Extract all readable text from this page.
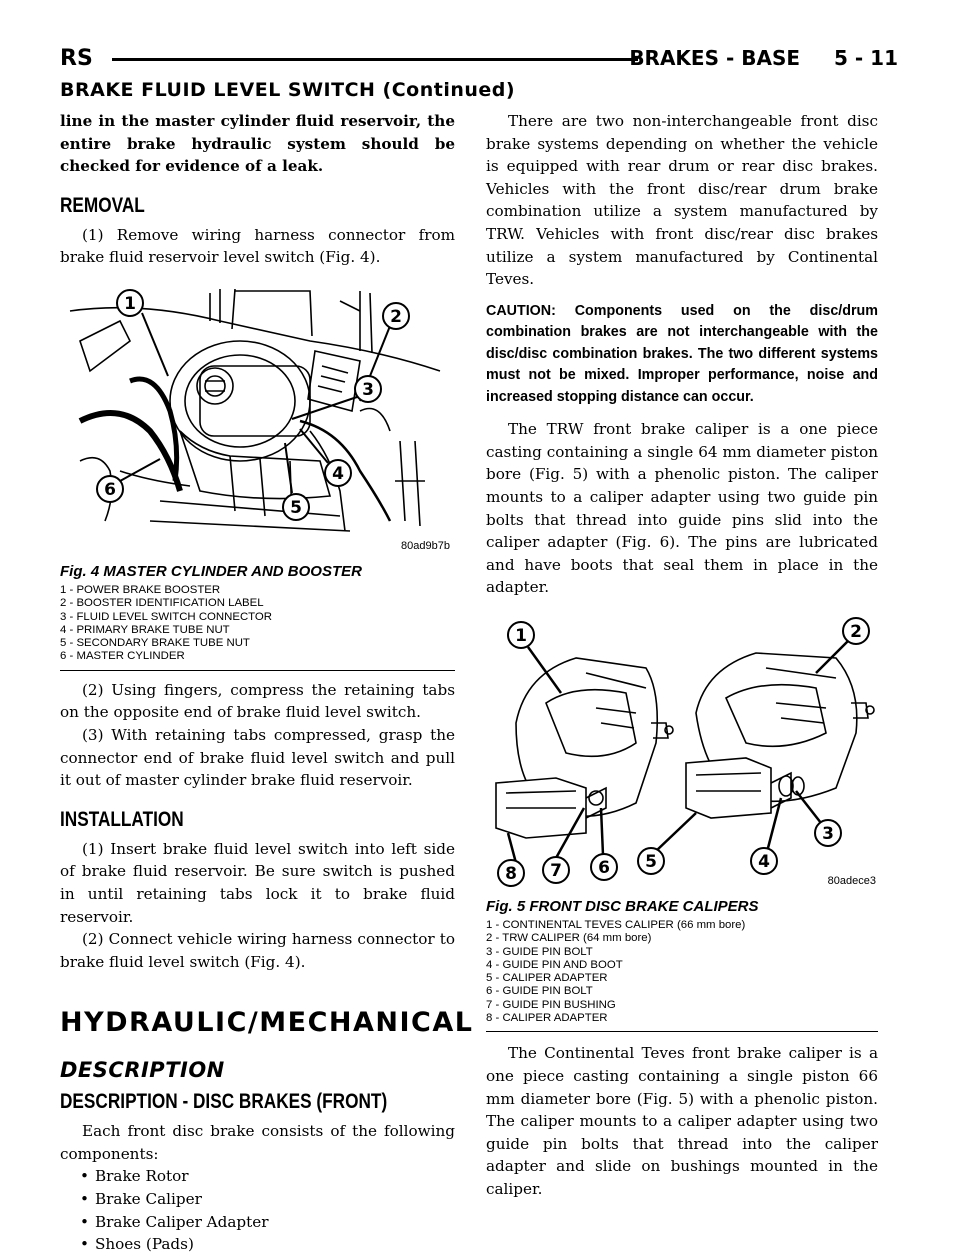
RS	BRAKES - BASE 5 - 11
BRAKE FLUID LEVEL SWITCH (Continued)

line in the master cylinder fluid reservoir, the entire brake hydraulic system should be checked for evidence of a leak.

REMOVAL

(1) Remove wiring harness connector from brake fluid reservoir level switch (Fig. 4).

1
2
3
4
5
6
80ad9b7b
Fig. 4 MASTER CYLINDER AND BOOSTER
1 - POWER BRAKE BOOSTER
2 - BOOSTER IDENTIFICATION LABEL
3 - FLUID LEVEL SWITCH CONNECTOR
4 - PRIMARY BRAKE TUBE NUT
5 - SECONDARY BRAKE TUBE NUT
6 - MASTER CYLINDER

(2) Using fingers, compress the retaining tabs on the opposite end of brake fluid level switch.

(3) With retaining tabs compressed, grasp the connector end of brake fluid level switch and pull it out of master cylinder brake fluid reservoir.

INSTALLATION

(1) Insert brake fluid level switch into left side of brake fluid reservoir. Be sure switch is pushed in until retaining tabs lock it to brake fluid reservoir.

(2) Connect vehicle wiring harness connector to brake fluid level switch (Fig. 4).

HYDRAULIC/MECHANICAL
DESCRIPTION
DESCRIPTION - DISC BRAKES (FRONT)

Each front disc brake consists of the following components:

• Brake Rotor
• Brake Caliper
• Brake Caliper Adapter
• Shoes (Pads)

There are two non-interchangeable front disc brake systems depending on whether the vehicle is equipped with rear drum or rear disc brakes. Vehicles with the front disc/rear drum brake combination utilize a system manufactured by TRW. Vehicles with front disc/rear disc brakes utilize a system manufactured by Continental Teves.

CAUTION: Components used on the disc/drum combination brakes are not interchangeable with the disc/disc combination brakes. The two different systems must not be mixed. Improper performance, noise and increased stopping distance can occur.

The TRW front brake caliper is a one piece casting containing a single 64 mm diameter piston bore (Fig. 5) with a phenolic piston. The caliper mounts to a caliper adapter using two guide pin bolts that thread into guide pins slid into the caliper adapter (Fig. 6). The pins are lubricated and have boots that seal them in place in the adapter.

1	2
3
4
5
6
7
8	80adece3
Fig. 5 FRONT DISC BRAKE CALIPERS
1 - CONTINENTAL TEVES CALIPER (66 mm bore)
2 - TRW CALIPER (64 mm bore)
3 - GUIDE PIN BOLT
4 - GUIDE PIN AND BOOT
5 - CALIPER ADAPTER
6 - GUIDE PIN BOLT
7 - GUIDE PIN BUSHING
8 - CALIPER ADAPTER

The Continental Teves front brake caliper is a one piece casting containing a single piston 66 mm diameter bore (Fig. 5) with a phenolic piston. The caliper mounts to a caliper adapter using two guide pin bolts that thread into the caliper adapter and slide on bushings mounted in the caliper.
